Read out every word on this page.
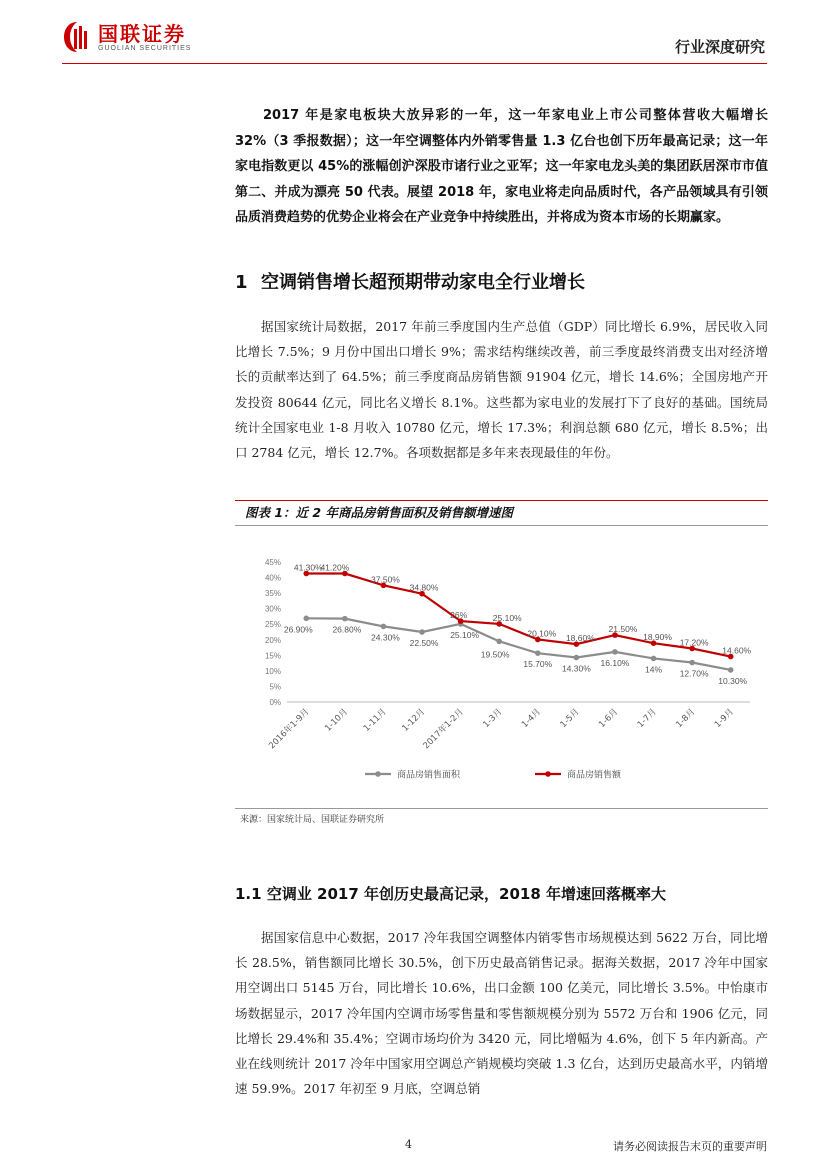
国联证券
GUOLIAN SECURITIES	行业深度研究
2017 年是家电板块大放异彩的一年，这一年家电业上市公司整体营收大幅增长 32%（3 季报数据）；这一年空调整体内外销零售量 1.3 亿台也创下历年最高记录；这一年家电指数更以 45%的涨幅创沪深股市诸行业之亚军；这一年家电龙头美的集团跃居深市市值第二、并成为漂亮 50 代表。展望 2018 年，家电业将走向品质时代，各产品领域具有引领品质消费趋势的优势企业将会在产业竞争中持续胜出，并将成为资本市场的长期赢家。
1 空调销售增长超预期带动家电全行业增长
据国家统计局数据，2017 年前三季度国内生产总值（GDP）同比增长 6.9%，居民收入同比增长 7.5%；9 月份中国出口增长 9%；需求结构继续改善，前三季度最终消费支出对经济增长的贡献率达到了 64.5%；前三季度商品房销售额 91904 亿元，增长 14.6%；全国房地产开发投资 80644 亿元，同比名义增长 8.1%。这些都为家电业的发展打下了良好的基础。国统局统计全国家电业 1-8 月收入 10780 亿元，增长 17.3%；利润总额 680 亿元，增长 8.5%；出口 2784 亿元，增长 12.7%。各项数据都是多年来表现最佳的年份。
图表 1：近 2 年商品房销售面积及销售额增速图
0%
5%
10%
15%
20%
25%
30%
35%
40%
45%
2016年1-9月 1-10月 1-11月 1-12月
2017年1-2月 1-3月 1-4月 1-5月 1-6月 1-7月 1-8月 1-9月
26.90% 26.80%
24.30%
22.50%
25.10%
19.50%
15.70% 14.30%
16.10%
14% 12.70%
10.30%
41.30%
41.20%
37.50%
34.80%
26%	25.10%
20.10% 18.60%
21.50%
18.90%
17.20%
14.60%
商品房销售面积	商品房销售额
来源：国家统计局、国联证券研究所
1.1 空调业 2017 年创历史最高记录，2018 年增速回落概率大
据国家信息中心数据，2017 冷年我国空调整体内销零售市场规模达到 5622 万台，同比增长 28.5%，销售额同比增长 30.5%，创下历史最高销售记录。据海关数据，2017 冷年中国家用空调出口 5145 万台，同比增长 10.6%，出口金额 100 亿美元，同比增长 3.5%。中怡康市场数据显示，2017 冷年国内空调市场零售量和零售额规模分别为 5572 万台和 1906 亿元，同比增长 29.4%和 35.4%；空调市场均价为 3420 元，同比增幅为 4.6%，创下 5 年内新高。产业在线则统计 2017 冷年中国家用空调总产销规模均突破 1.3 亿台，达到历史最高水平，内销增速 59.9%。2017 年初至 9 月底，空调总销
4	请务必阅读报告末页的重要声明
